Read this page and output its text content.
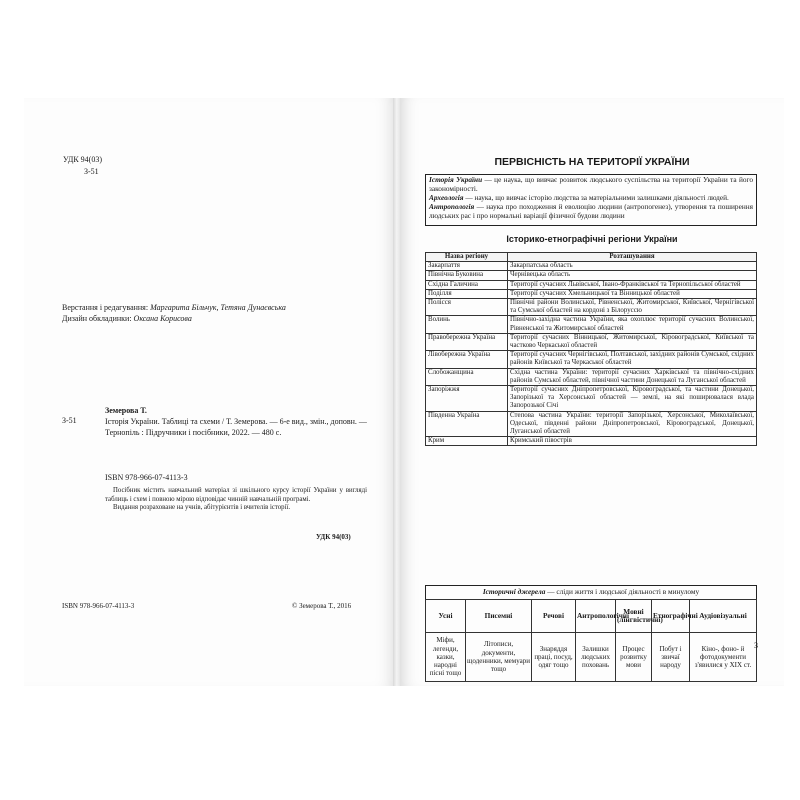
УДК 94(03)
З-51
Верстання і редагування: Маргарита Більчук, Тетяна Дунаєвська
Дизайн обкладинки: Оксана Корисова
Земерова Т.
З-51	Історія України. Таблиці та схеми / Т. Земерова. — 6-е вид., змін., доповн. — Тернопіль : Підручники і посібники, 2022. — 480 с.
ISBN 978-966-07-4113-3
Посібник містить навчальний матеріал зі шкільного курсу історії України у вигляді таблиць і схем і повною мірою відповідає чинній навчальній програмі.
Видання розраховане на учнів, абітурієнтів і вчителів історії.
УДК 94(03)
ISBN 978-966-07-4113-3	© Земерова Т., 2016
ПЕРВІСНІСТЬ НА ТЕРИТОРІЇ УКРАЇНИ

Історія України — це наука, що вивчає розвиток людського суспільства на території України та його закономірності.

Археологія — наука, що вивчає історію людства за матеріальними залишками діяльності людей.

Антропологія — наука про походження й еволюцію людини (антропогенез), утворення та поширення людських рас і про нормальні варіації фізичної будови людини

Історико-етнографічні регіони України
Назва регіону	Розташування
Закарпаття	Закарпатська область
Північна Буковина	Чернівецька область
Східна Галичина	Території сучасних Львівської, Івано-Франківської та Тернопільської областей
Поділля	Території сучасних Хмельницької та Вінницької областей
Полісся	Північні райони Волинської, Рівненської, Житомирської, Київської, Чернігівської та Сумської областей на кордоні з Білоруссю
Волинь	Північно-західна частина України, яка охоплює території сучасних Волинської, Рівненської та Житомирської областей
Правобережна Україна	Території сучасних Вінницької, Житомирської, Кіровоградської, Київської та частково Черкаської областей
Лівобережна Україна	Території сучасних Чернігівської, Полтавської, західних районів Сумської, східних районів Київської та Черкаської областей
Слобожанщина	Східна частина України: території сучасних Харківської та північно-східних районів Сумської областей, північної частини Донецької та Луганської областей
Запоріжжя	Території сучасних Дніпропетровської, Кіровоградської, та частини Донецької, Запорізької та Херсонської областей — землі, на які поширювалася влада Запорозької Січі
Південна Україна	Степова частина України: території Запорізької, Херсонської, Миколаївської, Одеської, південні райони Дніпропетровської, Кіровоградської, Донецької, Луганської областей
Крим	Кримський півострів
Історичні джерела — сліди життя і людської діяльності в минулому
Усні	Писемні	Речові	Антропологічні	Мовні (лінгвістичні)	Етнографічні	Аудіовізуальні
Міфи, легенди, казки, народні пісні тощо	Літописи, документи, щоденники, мемуари тощо	Знаряддя праці, посуд, одяг тощо	Залишки людських поховань	Процес розвитку мови	Побут і звичаї народу	Кіно-, фоно- й фотодокументи з'явилися у XIX ст.
3
